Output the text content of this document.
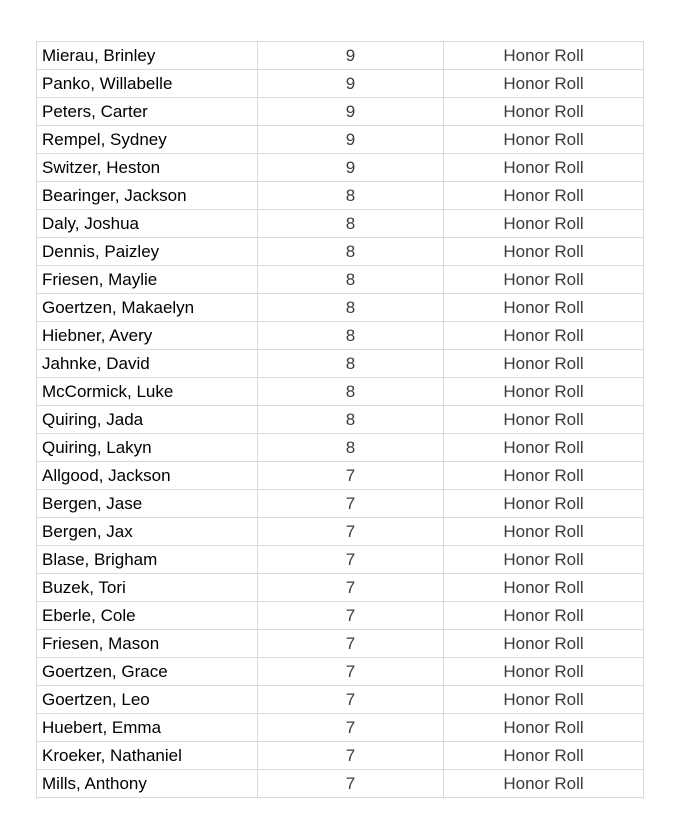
Mierau, Brinley	9	Honor Roll
Panko, Willabelle	9	Honor Roll
Peters, Carter	9	Honor Roll
Rempel, Sydney	9	Honor Roll
Switzer, Heston	9	Honor Roll
Bearinger, Jackson	8	Honor Roll
Daly, Joshua	8	Honor Roll
Dennis, Paizley	8	Honor Roll
Friesen, Maylie	8	Honor Roll
Goertzen, Makaelyn	8	Honor Roll
Hiebner, Avery	8	Honor Roll
Jahnke, David	8	Honor Roll
McCormick, Luke	8	Honor Roll
Quiring, Jada	8	Honor Roll
Quiring, Lakyn	8	Honor Roll
Allgood, Jackson	7	Honor Roll
Bergen, Jase	7	Honor Roll
Bergen, Jax	7	Honor Roll
Blase, Brigham	7	Honor Roll
Buzek, Tori	7	Honor Roll
Eberle, Cole	7	Honor Roll
Friesen, Mason	7	Honor Roll
Goertzen, Grace	7	Honor Roll
Goertzen, Leo	7	Honor Roll
Huebert, Emma	7	Honor Roll
Kroeker, Nathaniel	7	Honor Roll
Mills, Anthony	7	Honor Roll
